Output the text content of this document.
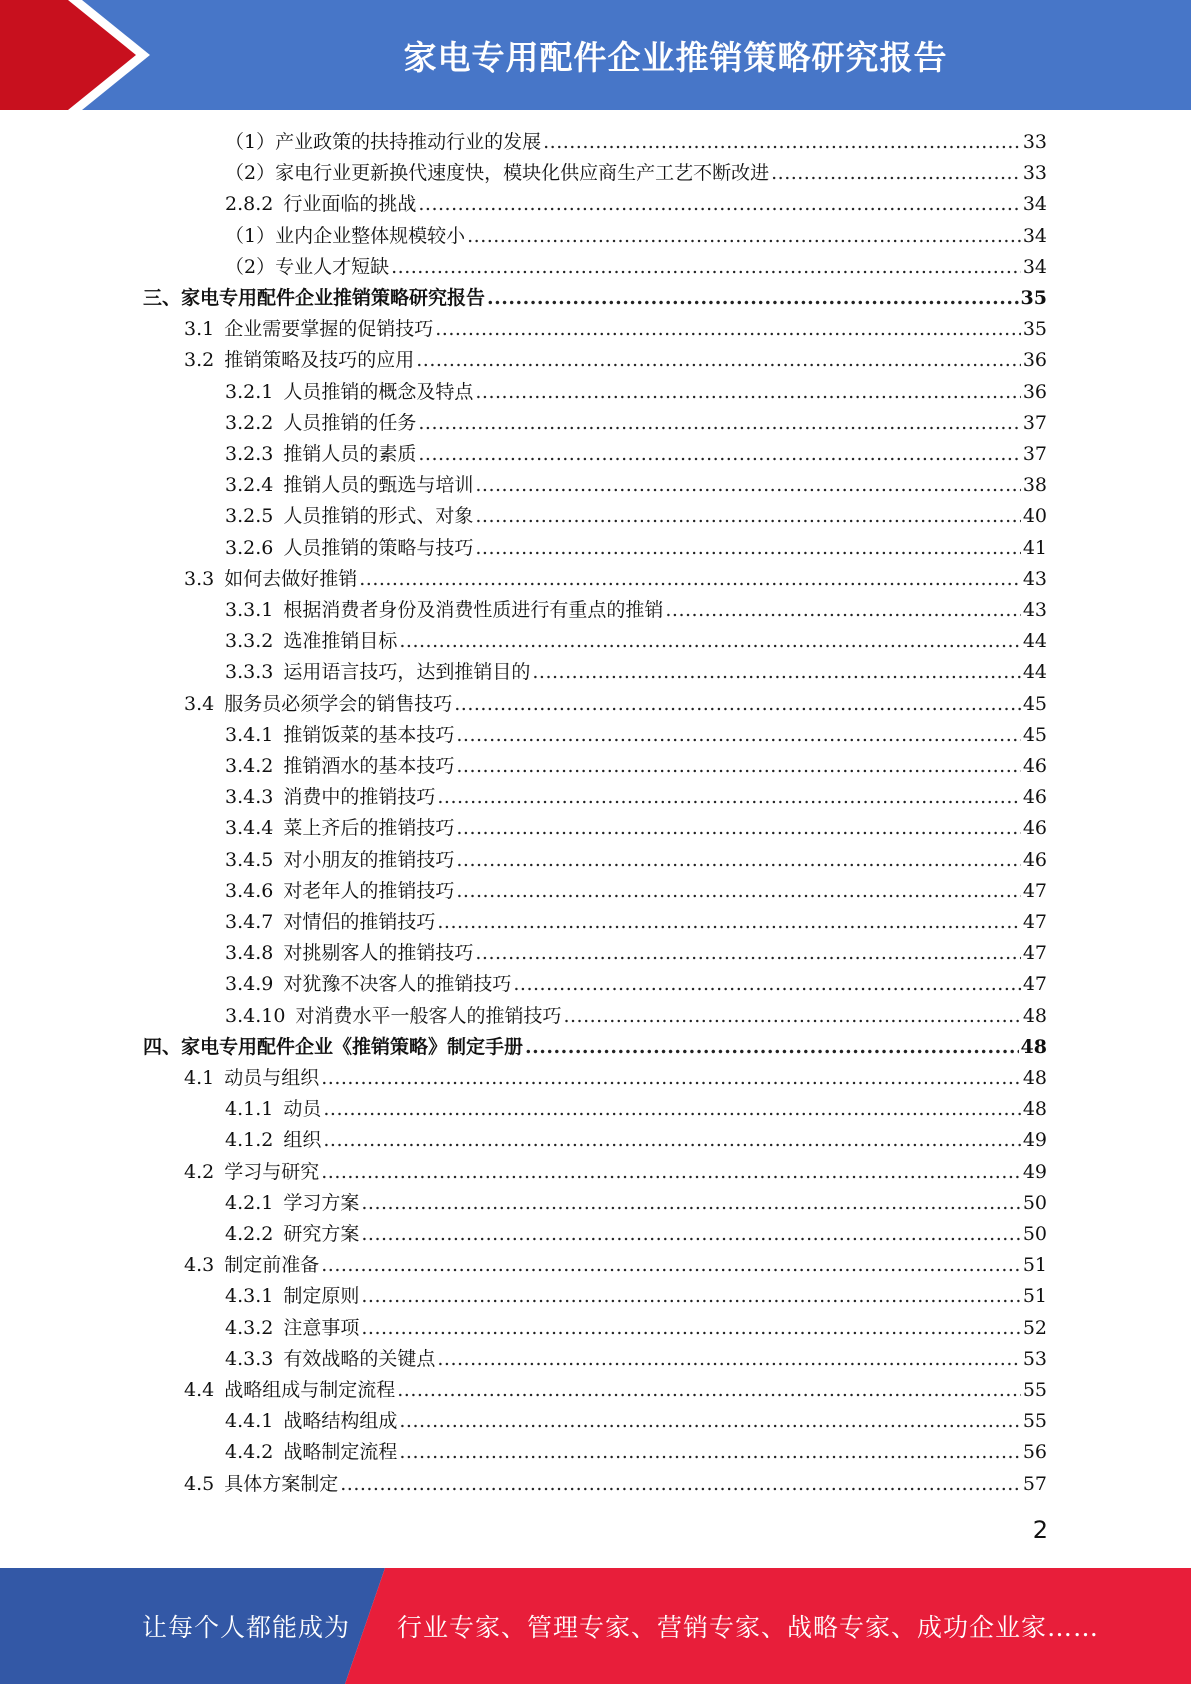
家电专用配件企业推销策略研究报告
（1） 产业政策的扶持推动行业的发展 .....	33
（2） 家电行业更新换代速度快，模块化供应商生产工艺不断改进 .....	33
2.8.2 行业面临的挑战 .....	34
（1） 业内企业整体规模较小 .....	34
（2） 专业人才短缺 .....	34
三、家电专用配件企业推销策略研究报告 .....	35
3.1 企业需要掌握的促销技巧 .....	35
3.2 推销策略及技巧的应用 .....	36
3.2.1 人员推销的概念及特点 .....	36
3.2.2 人员推销的任务 .....	37
3.2.3 推销人员的素质 .....	37
3.2.4 推销人员的甄选与培训 .....	38
3.2.5 人员推销的形式、对象 .....	40
3.2.6 人员推销的策略与技巧 .....	41
3.3 如何去做好推销 .....	43
3.3.1 根据消费者身份及消费性质进行有重点的推销 .....	43
3.3.2 选准推销目标 .....	44
3.3.3 运用语言技巧，达到推销目的 .....	44
3.4 服务员必须学会的销售技巧 .....	45
3.4.1 推销饭菜的基本技巧 .....	45
3.4.2 推销酒水的基本技巧 .....	46
3.4.3 消费中的推销技巧 .....	46
3.4.4 菜上齐后的推销技巧 .....	46
3.4.5 对小朋友的推销技巧 .....	46
3.4.6 对老年人的推销技巧 .....	47
3.4.7 对情侣的推销技巧 .....	47
3.4.8 对挑剔客人的推销技巧 .....	47
3.4.9 对犹豫不决客人的推销技巧 .....	47
3.4.10 对消费水平一般客人的推销技巧 .....	48
四、家电专用配件企业《推销策略》制定手册 .....	48
4.1 动员与组织 .....	48
4.1.1 动员 .....	48
4.1.2 组织 .....	49
4.2 学习与研究 .....	49
4.2.1 学习方案 .....	50
4.2.2 研究方案 .....	50
4.3 制定前准备 .....	51
4.3.1 制定原则 .....	51
4.3.2 注意事项 .....	52
4.3.3 有效战略的关键点 .....	53
4.4 战略组成与制定流程 .....	55
4.4.1 战略结构组成 .....	55
4.4.2 战略制定流程 .....	56
4.5 具体方案制定 .....	57
2
让每个人都能成为 行业专家、管理专家、营销专家、战略专家、成功企业家……
